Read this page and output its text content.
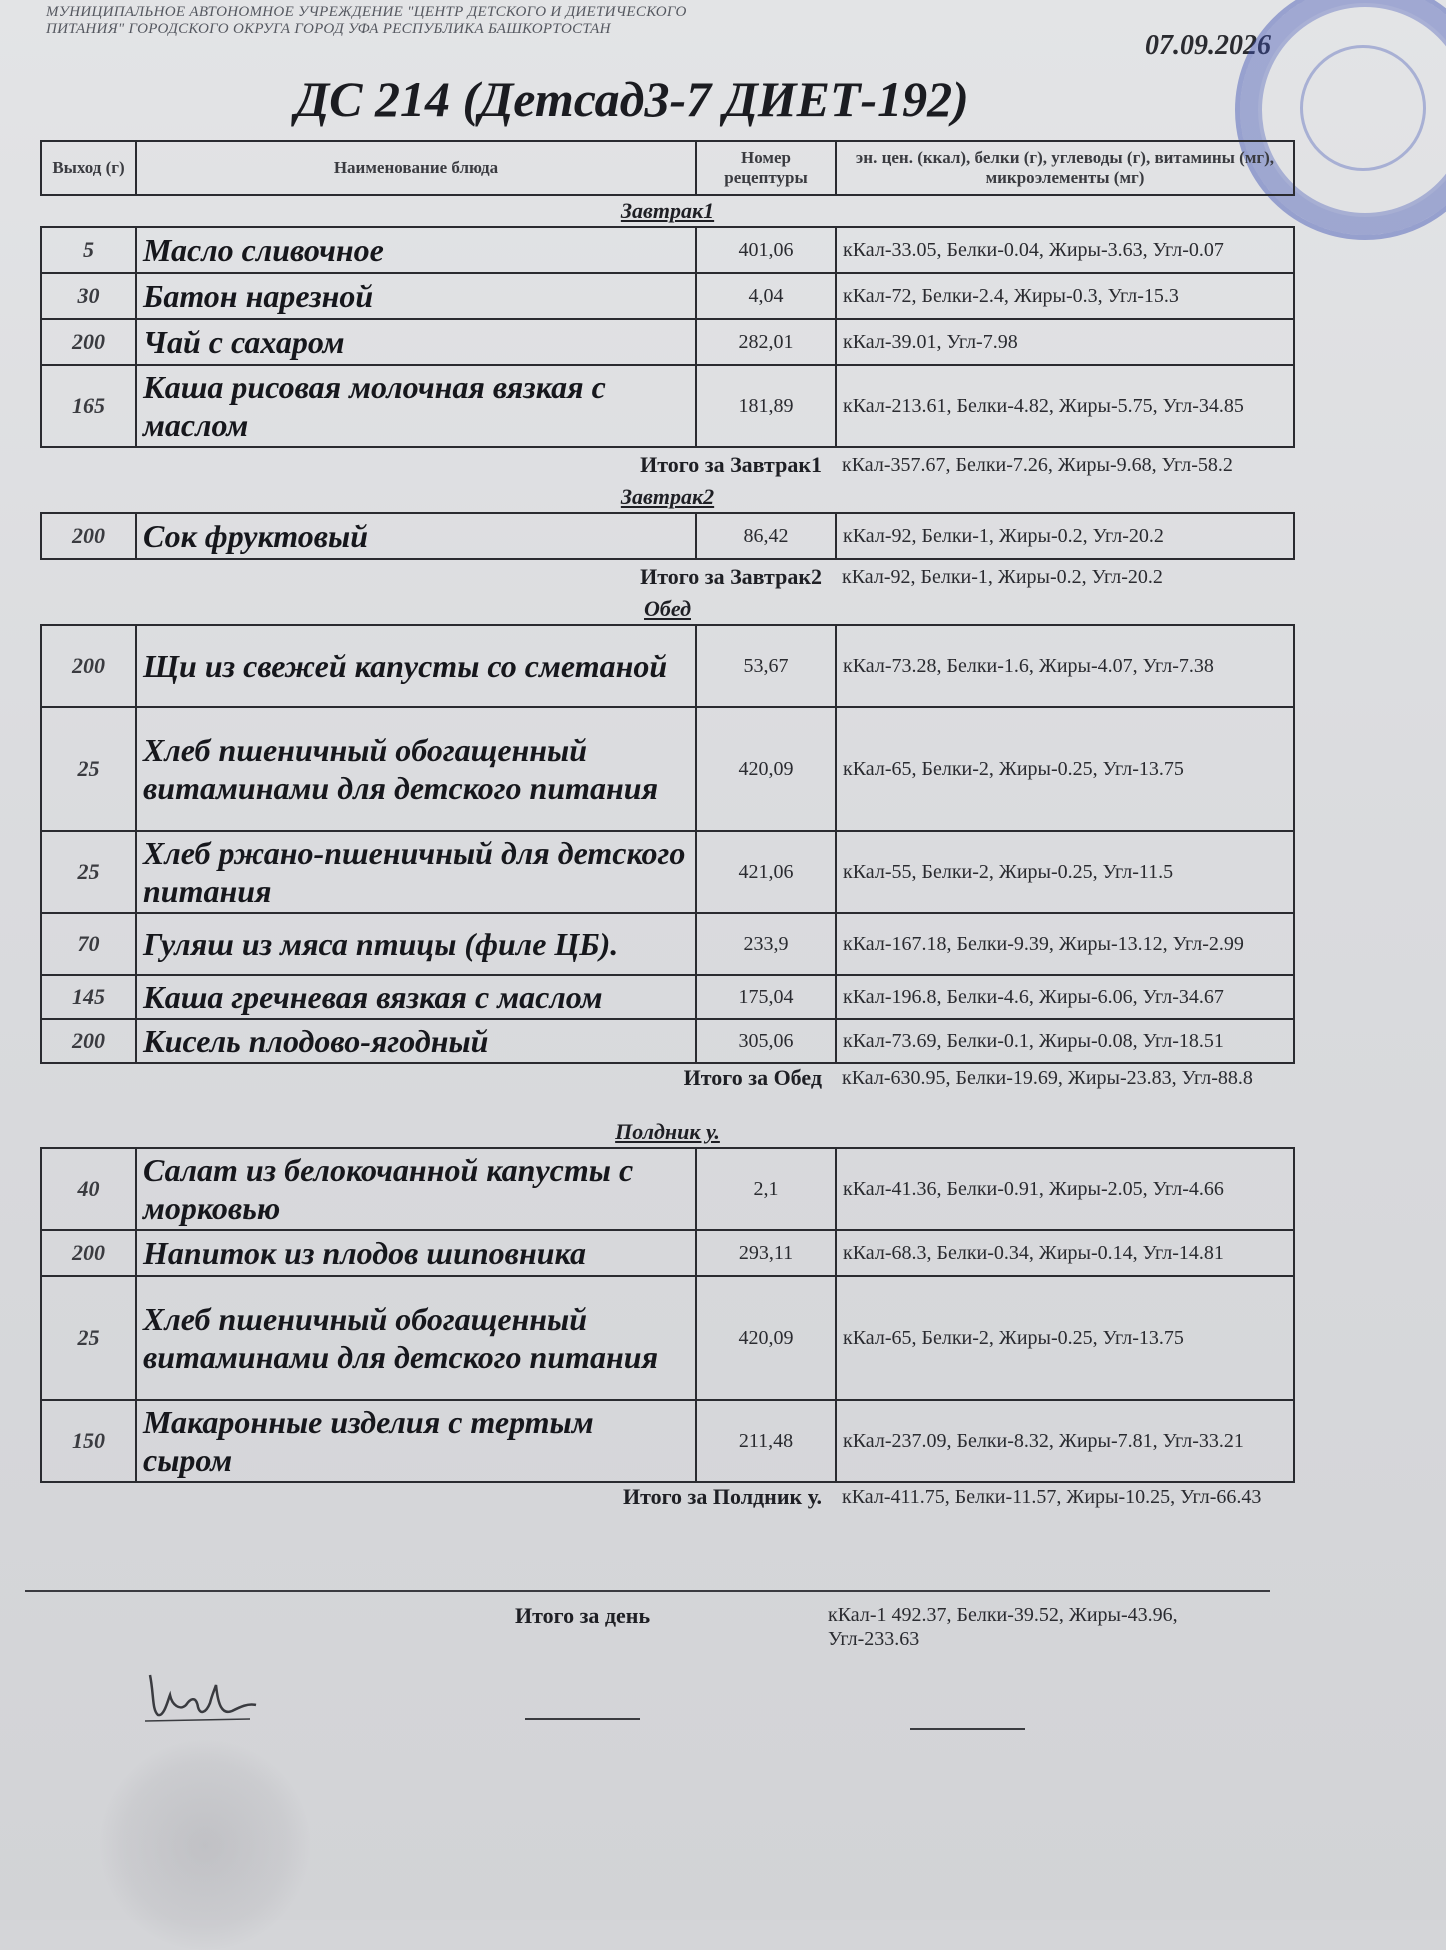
МУНИЦИПАЛЬНОЕ АВТОНОМНОЕ УЧРЕЖДЕНИЕ "ЦЕНТР ДЕТСКОГО И ДИЕТИЧЕСКОГО ПИТАНИЯ" ГОРОДСКОГО ОКРУГА ГОРОД УФА РЕСПУБЛИКА БАШКОРТОСТАН
07.09.2026
ДС 214 (Детсад3-7 ДИЕТ-192)
Выход (г)	Наименование блюда	Номер рецептуры	эн. цен. (ккал), белки (г), углеводы (г), витамины (мг), микроэлементы (мг)
Завтрак1			
5	Масло сливочное	401,06	кКал-33.05, Белки-0.04, Жиры-3.63, Угл-0.07
30	Батон нарезной	4,04	кКал-72, Белки-2.4, Жиры-0.3, Угл-15.3
200	Чай с сахаром	282,01	кКал-39.01, Угл-7.98
165	Каша рисовая молочная вязкая с маслом	181,89	кКал-213.61, Белки-4.82, Жиры-5.75, Угл-34.85
	Итого за Завтрак1		кКал-357.67, Белки-7.26, Жиры-9.68, Угл-58.2
Завтрак2			
200	Сок фруктовый	86,42	кКал-92, Белки-1, Жиры-0.2, Угл-20.2
	Итого за Завтрак2		кКал-92, Белки-1, Жиры-0.2, Угл-20.2
Обед			
200	Щи из свежей капусты со сметаной	53,67	кКал-73.28, Белки-1.6, Жиры-4.07, Угл-7.38
25	Хлеб пшеничный обогащенный витаминами для детского питания	420,09	кКал-65, Белки-2, Жиры-0.25, Угл-13.75
25	Хлеб ржано-пшеничный для детского питания	421,06	кКал-55, Белки-2, Жиры-0.25, Угл-11.5
70	Гуляш из мяса птицы (филе ЦБ).	233,9	кКал-167.18, Белки-9.39, Жиры-13.12, Угл-2.99
145	Каша гречневая вязкая с маслом	175,04	кКал-196.8, Белки-4.6, Жиры-6.06, Угл-34.67
200	Кисель плодово-ягодный	305,06	кКал-73.69, Белки-0.1, Жиры-0.08, Угл-18.51
	Итого за Обед		кКал-630.95, Белки-19.69, Жиры-23.83, Угл-88.8
Полдник у.			
40	Салат из белокочанной капусты с морковью	2,1	кКал-41.36, Белки-0.91, Жиры-2.05, Угл-4.66
200	Напиток из плодов шиповника	293,11	кКал-68.3, Белки-0.34, Жиры-0.14, Угл-14.81
25	Хлеб пшеничный обогащенный витаминами для детского питания	420,09	кКал-65, Белки-2, Жиры-0.25, Угл-13.75
150	Макаронные изделия с тертым сыром	211,48	кКал-237.09, Белки-8.32, Жиры-7.81, Угл-33.21
	Итого за Полдник у.		кКал-411.75, Белки-11.57, Жиры-10.25, Угл-66.43
Итого за день	кКал-1 492.37, Белки-39.52, Жиры-43.96, Угл-233.63
